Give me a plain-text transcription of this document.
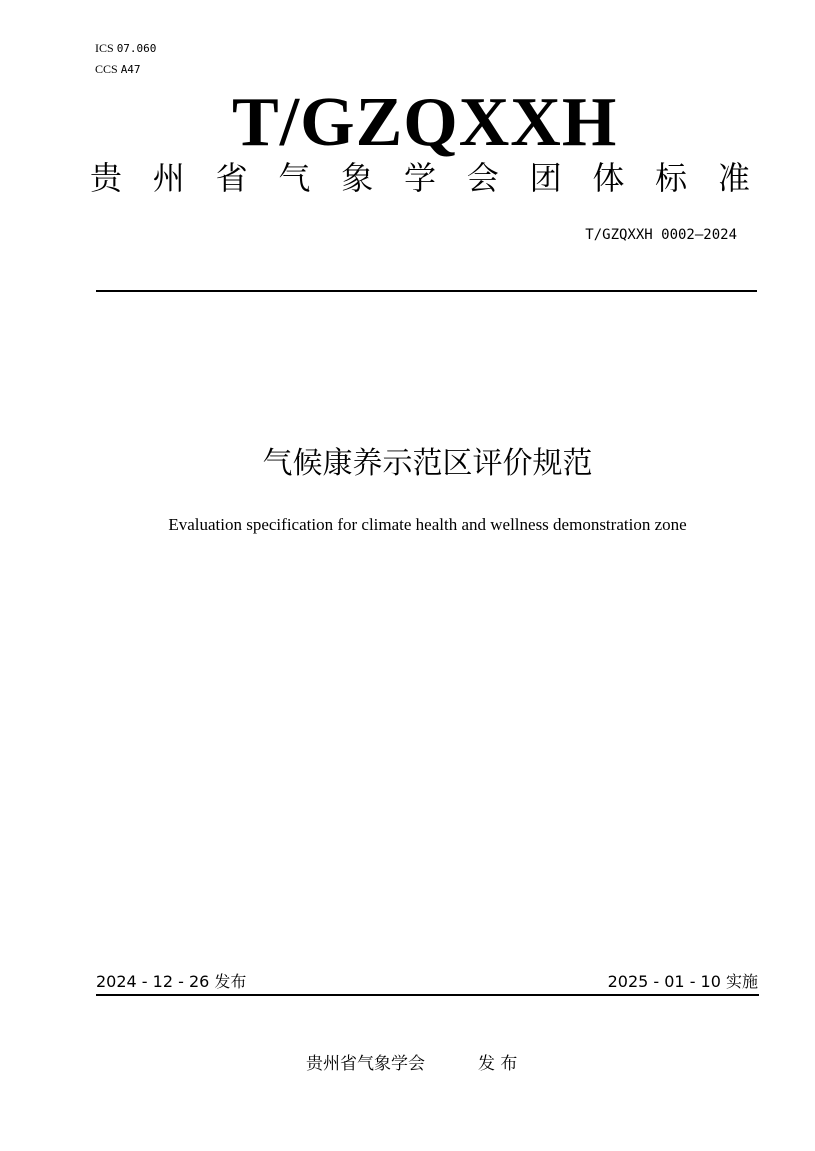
ICS 07.060
CCS A47
T/GZQXXH
贵 州 省 气 象 学 会 团 体 标 准
T/GZQXXH 0002—2024
气候康养示范区评价规范
Evaluation specification for climate health and wellness demonstration zone
2024 - 12 - 26 发布	2025 - 01 - 10 实施
贵州省气象学会	发 布
